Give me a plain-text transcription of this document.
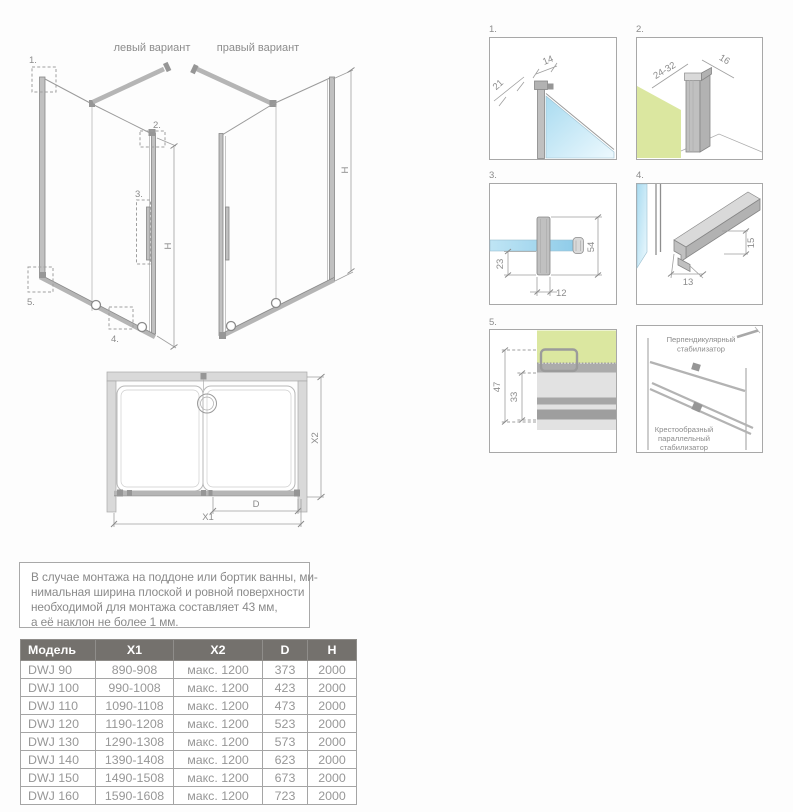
левый вариант
H
1.
2.
3.
4.
5.
правый вариант
H
X2
D
X1
1.
21
14
2.
24-32
16
3.
23
54
12
4.
13
15
5.
47
33
Перпендикулярный
стабилизатор
Крестообразный
параллельный
стабилизатор
В случае монтажа на поддоне или бортик ванны, ми-
нимальная ширина плоской и ровной поверхности
необходимой для монтажа составляет 43 мм,
а её наклон не более 1 мм.
Модель	X1	X2	D	H
DWJ 90	890-908	макс. 1200	373	2000
DWJ 100	990-1008	макс. 1200	423	2000
DWJ 110	1090-1108	макс. 1200	473	2000
DWJ 120	1190-1208	макс. 1200	523	2000
DWJ 130	1290-1308	макс. 1200	573	2000
DWJ 140	1390-1408	макс. 1200	623	2000
DWJ 150	1490-1508	макс. 1200	673	2000
DWJ 160	1590-1608	макс. 1200	723	2000
